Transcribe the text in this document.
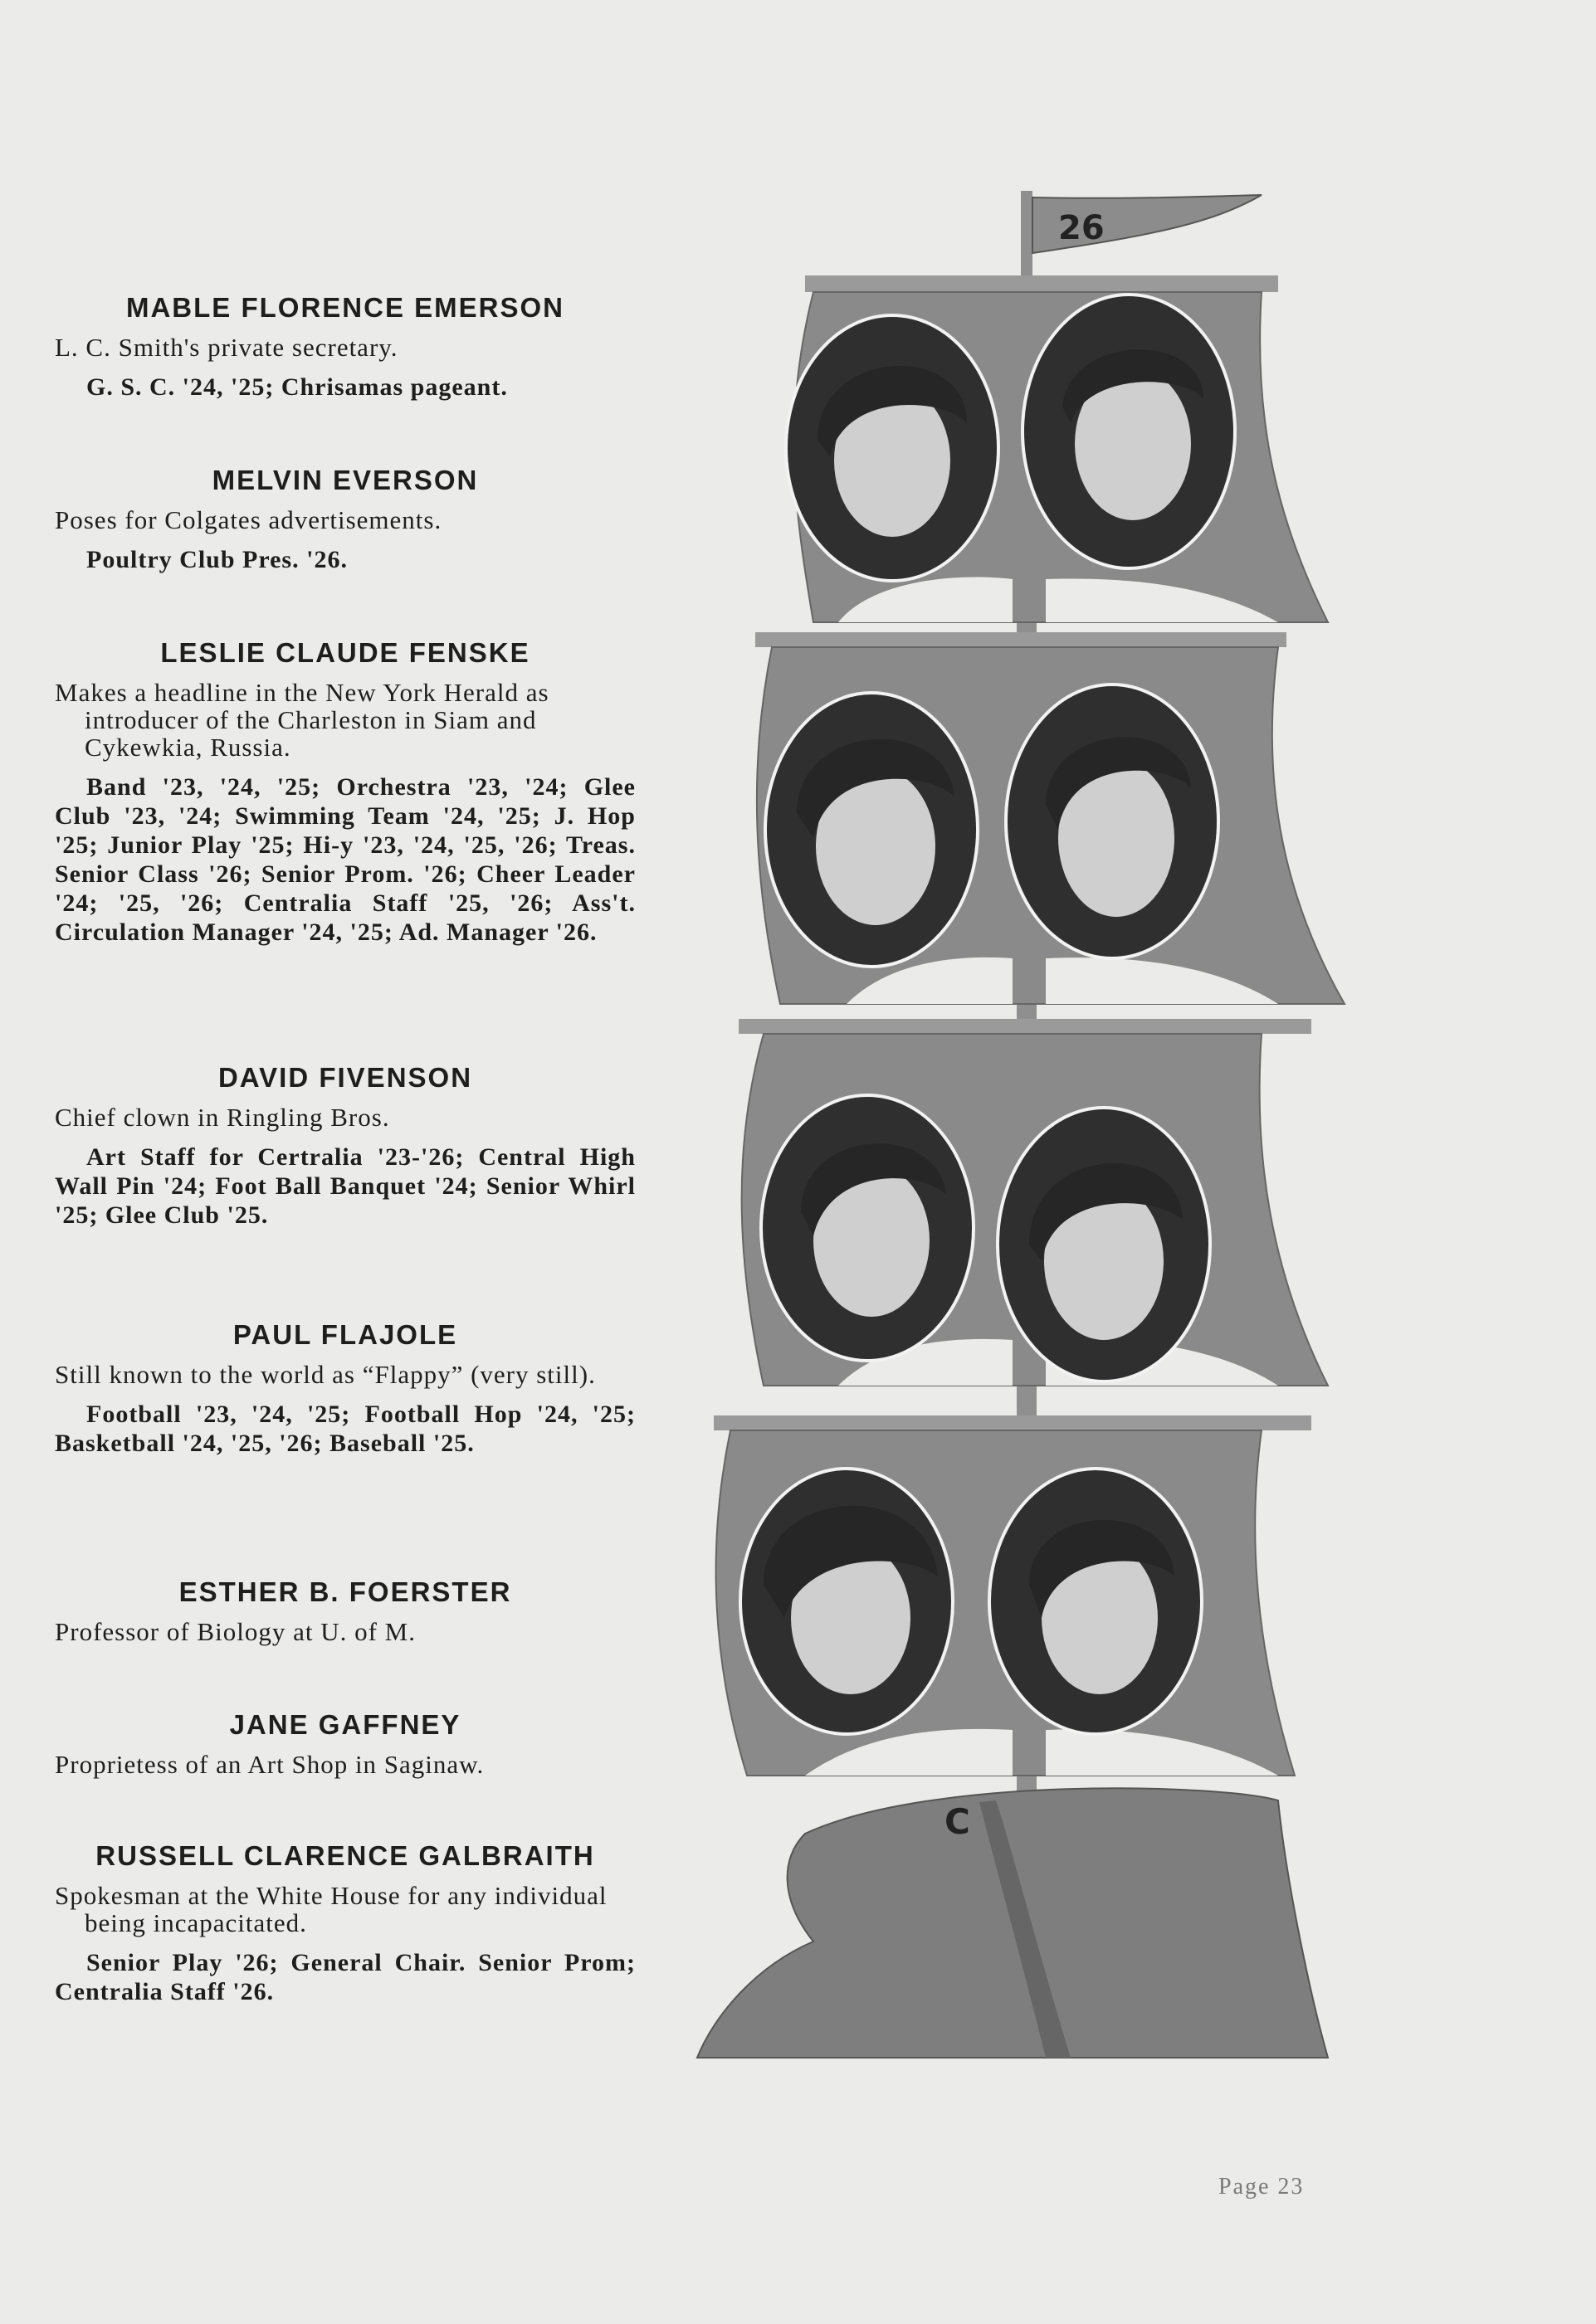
MABLE FLORENCE EMERSON

L. C. Smith's private secretary.

G. S. C. '24, '25; Chrisamas pageant.

MELVIN EVERSON

Poses for Colgates advertisements.

Poultry Club Pres. '26.

LESLIE CLAUDE FENSKE

Makes a headline in the New York Herald as introducer of the Charleston in Siam and Cykewkia, Russia.

Band '23, '24, '25; Orchestra '23, '24; Glee Club '23, '24; Swimming Team '24, '25; J. Hop '25; Junior Play '25; Hi-y '23, '24, '25, '26; Treas. Senior Class '26; Senior Prom. '26; Cheer Leader '24; '25, '26; Centralia Staff '25, '26; Ass't. Circulation Manager '24, '25; Ad. Manager '26.

DAVID FIVENSON

Chief clown in Ringling Bros.

Art Staff for Certralia '23-'26; Central High Wall Pin '24; Foot Ball Banquet '24; Senior Whirl '25; Glee Club '25.

PAUL FLAJOLE

Still known to the world as “Flappy” (very still).

Football '23, '24, '25; Football Hop '24, '25; Basketball '24, '25, '26; Baseball '25.

ESTHER B. FOERSTER

Professor of Biology at U. of M.

JANE GAFFNEY

Proprietess of an Art Shop in Saginaw.

RUSSELL CLARENCE GALBRAITH

Spokesman at the White House for any individual being incapacitated.

Senior Play '26; General Chair. Senior Prom; Centralia Staff '26.

26
C
Page 23
